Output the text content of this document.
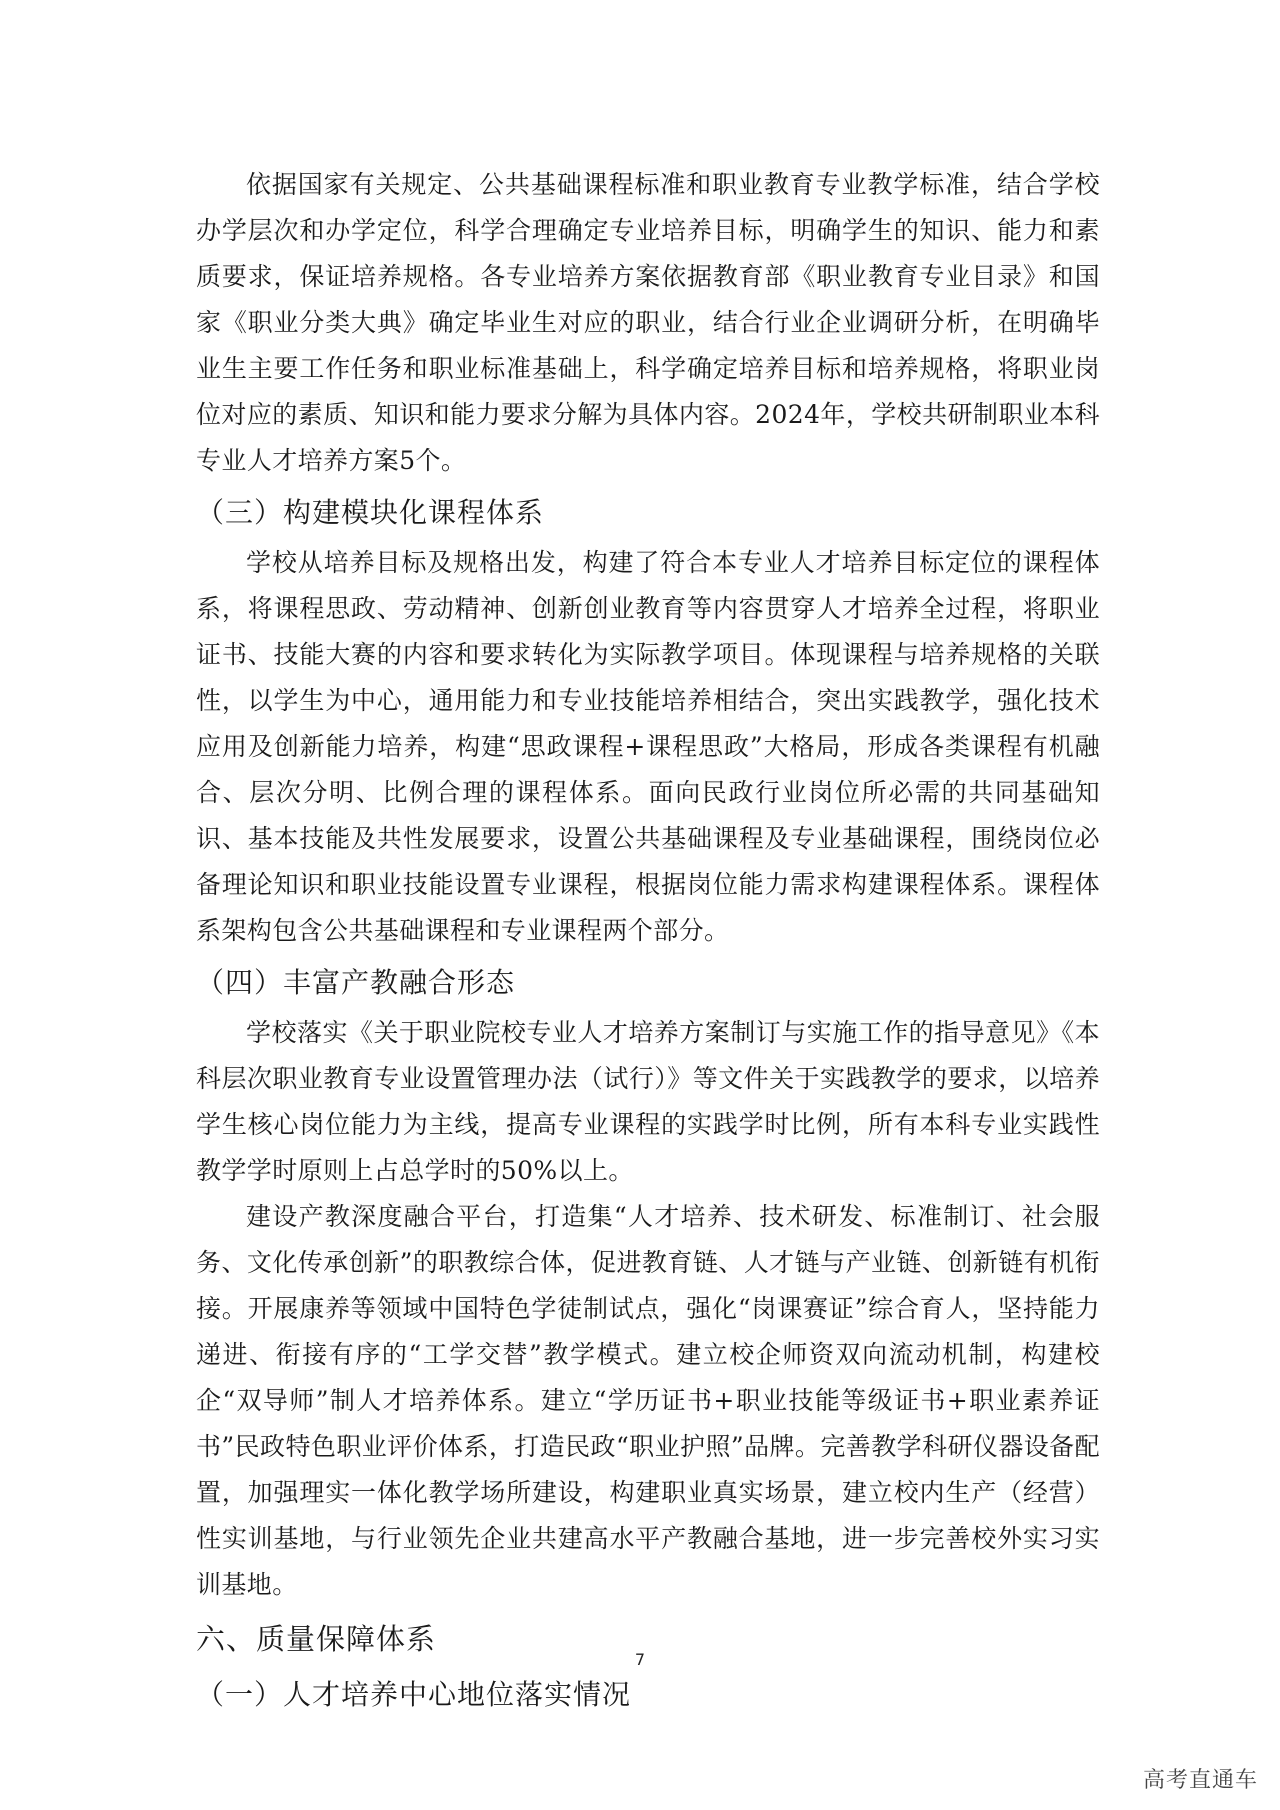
依据国家有关规定、公共基础课程标准和职业教育专业教学标准，结合学校办学层次和办学定位，科学合理确定专业培养目标，明确学生的知识、能力和素质要求，保证培养规格。各专业培养方案依据教育部《职业教育专业目录》和国家《职业分类大典》确定毕业生对应的职业，结合行业企业调研分析，在明确毕业生主要工作任务和职业标准基础上，科学确定培养目标和培养规格，将职业岗位对应的素质、知识和能力要求分解为具体内容。2024年，学校共研制职业本科专业人才培养方案5个。

（三）构建模块化课程体系

学校从培养目标及规格出发，构建了符合本专业人才培养目标定位的课程体系，将课程思政、劳动精神、创新创业教育等内容贯穿人才培养全过程，将职业证书、技能大赛的内容和要求转化为实际教学项目。体现课程与培养规格的关联性，以学生为中心，通用能力和专业技能培养相结合，突出实践教学，强化技术应用及创新能力培养，构建“思政课程+课程思政”大格局，形成各类课程有机融合、层次分明、比例合理的课程体系。面向民政行业岗位所必需的共同基础知识、基本技能及共性发展要求，设置公共基础课程及专业基础课程，围绕岗位必备理论知识和职业技能设置专业课程，根据岗位能力需求构建课程体系。课程体系架构包含公共基础课程和专业课程两个部分。

（四）丰富产教融合形态

学校落实《关于职业院校专业人才培养方案制订与实施工作的指导意见》《本科层次职业教育专业设置管理办法（试行）》等文件关于实践教学的要求，以培养学生核心岗位能力为主线，提高专业课程的实践学时比例，所有本科专业实践性教学学时原则上占总学时的50%以上。

建设产教深度融合平台，打造集“人才培养、技术研发、标准制订、社会服务、文化传承创新”的职教综合体，促进教育链、人才链与产业链、创新链有机衔接。开展康养等领域中国特色学徒制试点，强化“岗课赛证”综合育人，坚持能力递进、衔接有序的“工学交替”教学模式。建立校企师资双向流动机制，构建校企“双导师”制人才培养体系。建立“学历证书+职业技能等级证书+职业素养证书”民政特色职业评价体系，打造民政“职业护照”品牌。完善教学科研仪器设备配置，加强理实一体化教学场所建设，构建职业真实场景，建立校内生产（经营）性实训基地，与行业领先企业共建高水平产教融合基地，进一步完善校外实习实训基地。

六、质量保障体系
（一）人才培养中心地位落实情况
7
高考直通车
